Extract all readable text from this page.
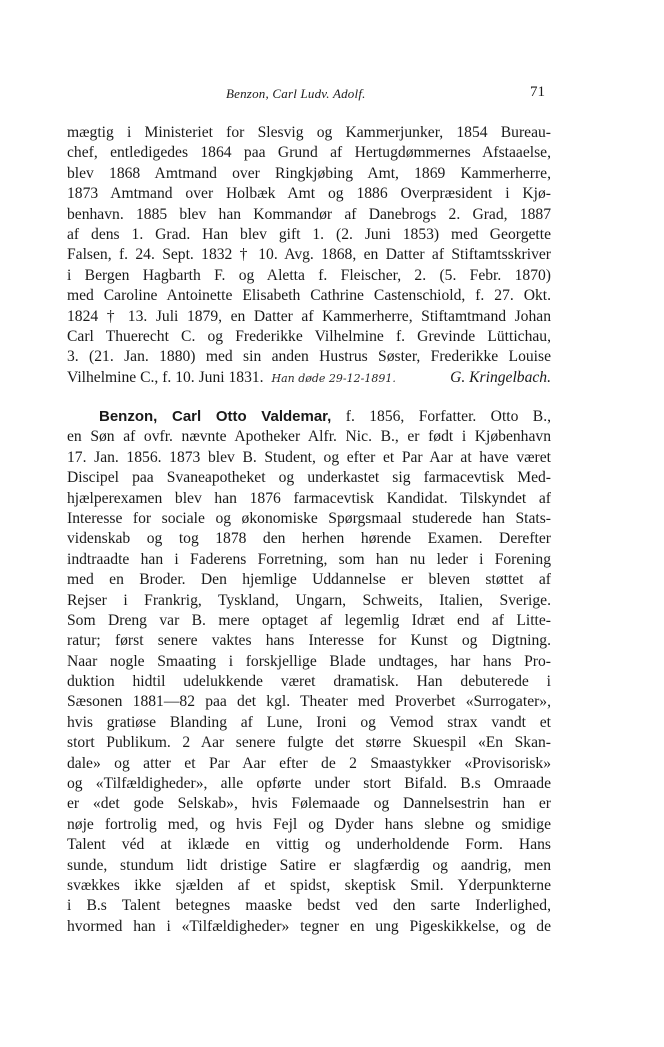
Benzon, Carl Ludv. Adolf.	71
mægtig i Ministeriet for Slesvig og Kammerjunker, 1854 Bureau-
chef, entledigedes 1864 paa Grund af Hertugdømmernes Afstaaelse,
blev 1868 Amtmand over Ringkjøbing Amt, 1869 Kammerherre,
1873 Amtmand over Holbæk Amt og 1886 Overpræsident i Kjø-
benhavn. 1885 blev han Kommandør af Danebrogs 2. Grad, 1887
af dens 1. Grad. Han blev gift 1. (2. Juni 1853) med Georgette
Falsen, f. 24. Sept. 1832 † 10. Avg. 1868, en Datter af Stiftamtsskriver
i Bergen Hagbarth F. og Aletta f. Fleischer, 2. (5. Febr. 1870)
med Caroline Antoinette Elisabeth Cathrine Castenschiold, f. 27. Okt.
1824 † 13. Juli 1879, en Datter af Kammerherre, Stiftamtmand Johan
Carl Thuerecht C. og Frederikke Vilhelmine f. Grevinde Lüttichau,
3. (21. Jan. 1880) med sin anden Hustrus Søster, Frederikke Louise
Vilhelmine C., f. 10. Juni 1831. Han døde 29-12-1891.	G. Kringelbach.
Benzon, Carl Otto Valdemar, f. 1856, Forfatter. Otto B.,
en Søn af ovfr. nævnte Apotheker Alfr. Nic. B., er født i Kjøbenhavn
17. Jan. 1856. 1873 blev B. Student, og efter et Par Aar at have været
Discipel paa Svaneapotheket og underkastet sig farmacevtisk Med-
hjælperexamen blev han 1876 farmacevtisk Kandidat. Tilskyndet af
Interesse for sociale og økonomiske Spørgsmaal studerede han Stats-
videnskab og tog 1878 den herhen hørende Examen. Derefter
indtraadte han i Faderens Forretning, som han nu leder i Forening
med en Broder. Den hjemlige Uddannelse er bleven støttet af
Rejser i Frankrig, Tyskland, Ungarn, Schweits, Italien, Sverige.
Som Dreng var B. mere optaget af legemlig Idræt end af Litte-
ratur; først senere vaktes hans Interesse for Kunst og Digtning.
Naar nogle Smaating i forskjellige Blade undtages, har hans Pro-
duktion hidtil udelukkende været dramatisk. Han debuterede i
Sæsonen 1881—82 paa det kgl. Theater med Proverbet «Surrogater»,
hvis gratiøse Blanding af Lune, Ironi og Vemod strax vandt et
stort Publikum. 2 Aar senere fulgte det større Skuespil «En Skan-
dale» og atter et Par Aar efter de 2 Smaastykker «Provisorisk»
og «Tilfældigheder», alle opførte under stort Bifald. B.s Omraade
er «det gode Selskab», hvis Følemaade og Dannelsestrin han er
nøje fortrolig med, og hvis Fejl og Dyder hans slebne og smidige
Talent véd at iklæde en vittig og underholdende Form. Hans
sunde, stundum lidt dristige Satire er slagfærdig og aandrig, men
svækkes ikke sjælden af et spidst, skeptisk Smil. Yderpunkterne
i B.s Talent betegnes maaske bedst ved den sarte Inderlighed,
hvormed han i «Tilfældigheder» tegner en ung Pigeskikkelse, og de
